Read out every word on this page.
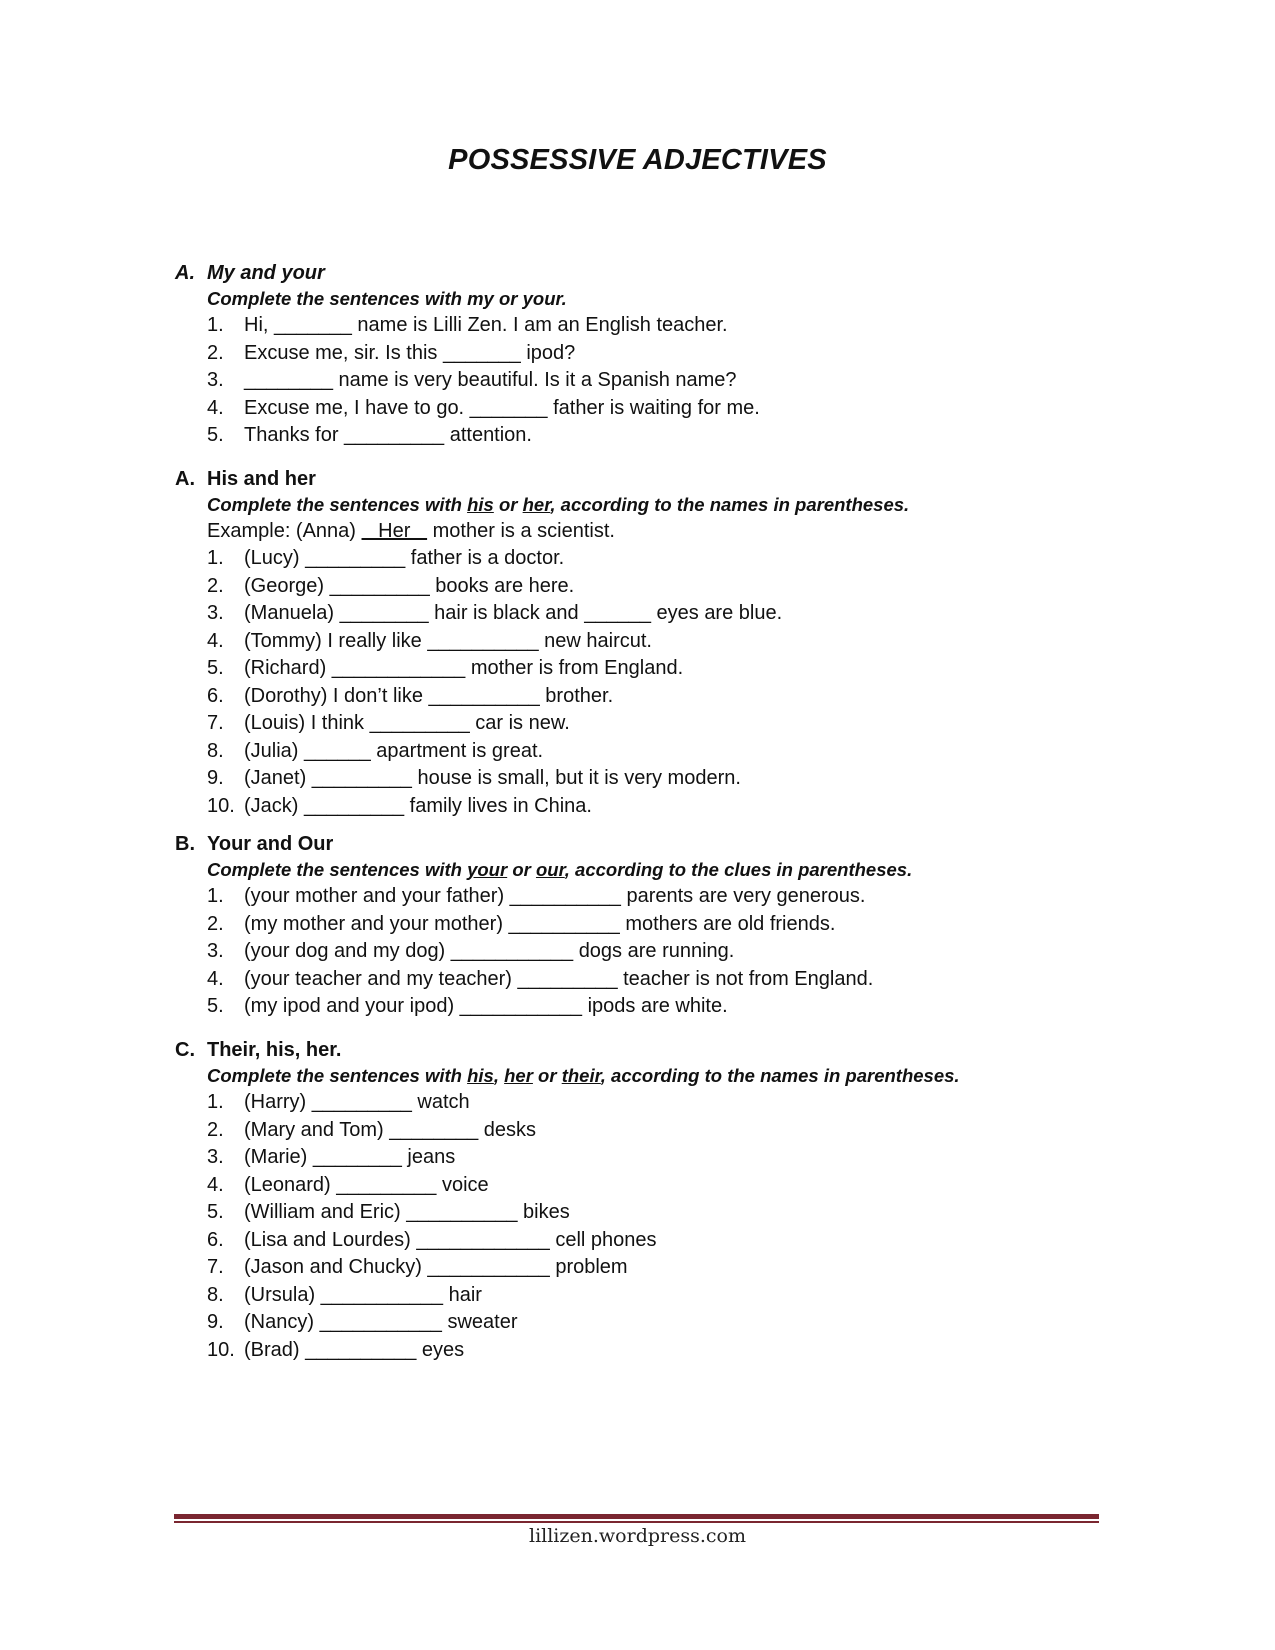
POSSESSIVE ADJECTIVES
A. My and your
Complete the sentences with my or your.
1. Hi, _______ name is Lilli Zen. I am an English teacher.
2. Excuse me, sir. Is this _______ ipod?
3. ________ name is very beautiful. Is it a Spanish name?
4. Excuse me, I have to go. _______ father is waiting for me.
5. Thanks for _________ attention.
A. His and her
Complete the sentences with his or her, according to the names in parentheses.
Example: (Anna)    Her    mother is a scientist.
1. (Lucy) _________ father is a doctor.
2. (George) _________ books are here.
3. (Manuela) ________ hair is black and ______ eyes are blue.
4. (Tommy) I really like __________ new haircut.
5. (Richard) ____________ mother is from England.
6. (Dorothy) I don’t like __________ brother.
7. (Louis) I think _________ car is new.
8. (Julia) ______ apartment is great.
9. (Janet) _________ house is small, but it is very modern.
10. (Jack) _________ family lives in China.
B. Your and Our
Complete the sentences with your or our, according to the clues in parentheses.
1. (your mother and your father) __________ parents are very generous.
2. (my mother and your mother) __________ mothers are old friends.
3. (your dog and my dog) ___________ dogs are running.
4. (your teacher and my teacher) _________ teacher is not from England.
5. (my ipod and your ipod) ___________ ipods are white.
C. Their, his, her.
Complete the sentences with his, her or their, according to the names in parentheses.
1. (Harry) _________ watch
2. (Mary and Tom) ________ desks
3. (Marie) ________ jeans
4. (Leonard) _________ voice
5. (William and Eric) __________ bikes
6. (Lisa and Lourdes) ____________ cell phones
7. (Jason and Chucky) ___________ problem
8. (Ursula) ___________ hair
9. (Nancy) ___________ sweater
10. (Brad) __________ eyes
lillizen.wordpress.com
